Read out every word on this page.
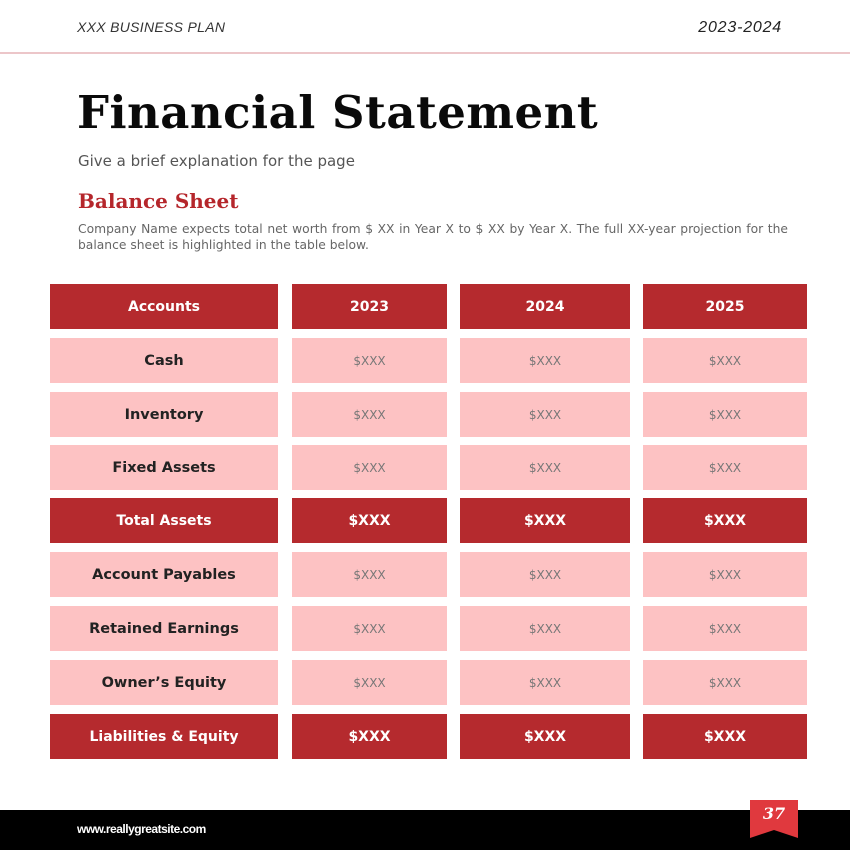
XXX BUSINESS PLAN	2023-2024
Financial Statement
Give a brief explanation for the page
Balance Sheet
Company Name expects total net worth from $ XX in Year X to $ XX by Year X. The full XX-year projection for the balance sheet is highlighted in the table below.
Accounts	2023	2024	2025
Cash	$XXX	$XXX	$XXX
Inventory	$XXX	$XXX	$XXX
Fixed Assets	$XXX	$XXX	$XXX
Total Assets	$XXX	$XXX	$XXX
Account Payables	$XXX	$XXX	$XXX
Retained Earnings	$XXX	$XXX	$XXX
Owner’s Equity	$XXX	$XXX	$XXX
Liabilities & Equity	$XXX	$XXX	$XXX
www.reallygreatsite.com
37
